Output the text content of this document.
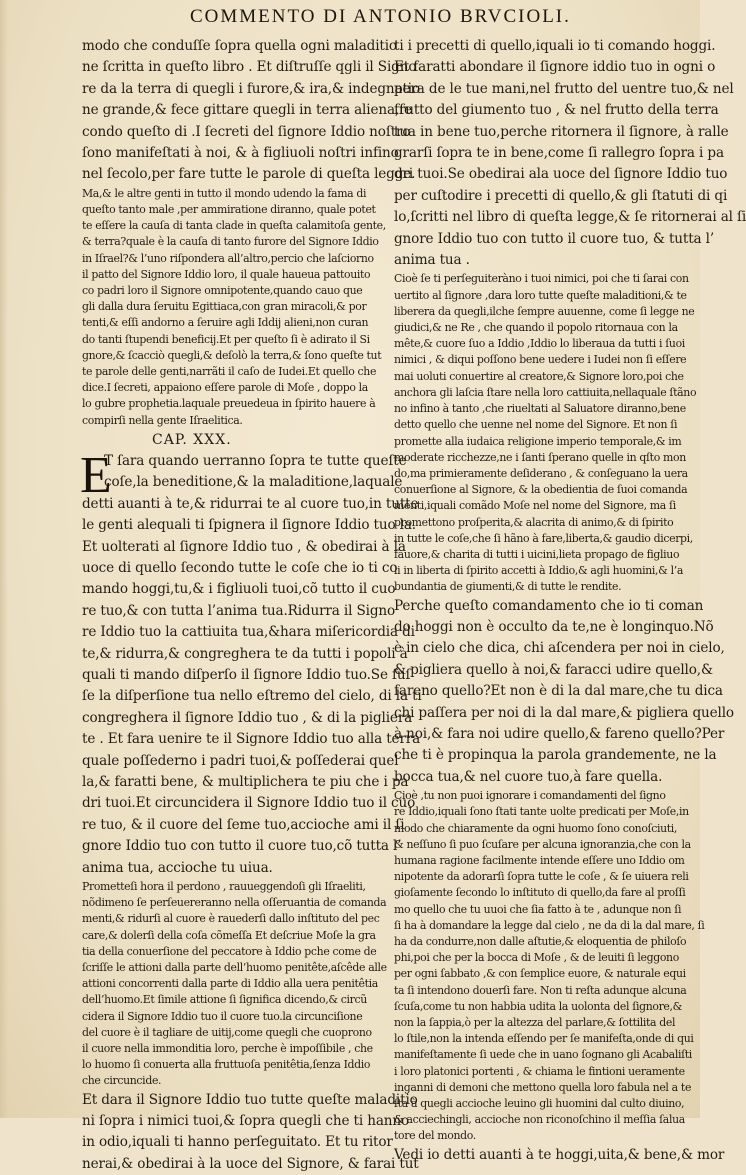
COMMENTO DI ANTONIO BRVCIOLI.
modo che conduſſe ſopra quella ogni maladitio
ne ſcritta in queſto libro . Et diſtruſſe qgli il Signo
re da la terra di quegli i furore,& ira,& indegnatio
ne grande,& fece gittare quegli in terra aliena,ſe
condo queſto di .I ſecreti del ſignore Iddio noſtro
ſono manifeſtati à noi, & à figliuoli noſtri infino
nel ſecolo,per fare tutte le parole di queſta legge.
Ma,& le altre genti in tutto il mondo udendo la fama di
queſto tanto male ,per ammiratione diranno, quale potet
te eſſere la cauſa di tanta clade in queſta calamitoſa gente,
& terra?quale è la cauſa di tanto furore del Signore Iddio
in Iſrael?& l’uno riſpondera all’altro,percio che laſciorno
il patto del Signore Iddio loro, il quale haueua pattouito
co padri loro il Signore omnipotente,quando cauo que
gli dalla dura ſeruitu Egittiaca,con gran miracoli,& por
tenti,& eſſi andorno a ſeruire agli Iddij alieni,non curan
do tanti ſtupendi beneficij.Et per queſto ſi è adirato il Si
gnore,& ſcacciò quegli,& deſolò la terra,& ſono queſte tut
te parole delle genti,narrãti il caſo de Iudei.Et quello che
dice.I ſecreti, appaiono eſſere parole di Moſe , doppo la
lo gubre prophetia.laquale preuedeua in ſpirito hauere à
compirſi nella gente Iſraelitica.
CAP. XXX.
E
T ſara quando uerranno ſopra te tutte queſte
coſe,la beneditione,& la maladitione,laquale
detti auanti à te,& ridurrai te al cuore tuo,in tutte
le genti alequali ti ſpignera il ſignore Iddio tuo la.
Et uolterati al ſignore Iddio tuo , & obedirai à la
uoce di quello ſecondo tutte le coſe che io ti co
mando hoggi,tu,& i figliuoli tuoi,cõ tutto il cuo
re tuo,& con tutta l’anima tua.Ridurra il Signo
re Iddio tuo la cattiuita tua,&hara miſericordia di
te,& ridurra,& congreghera te da tutti i popoli à
quali ti mando diſperſo il ſignore Iddio tuo.Se ſuſ
ſe la diſperſione tua nello eſtremo del cielo, di la ti
congreghera il ſignore Iddio tuo , & di la pigliera
te . Et fara uenire te il Signore Iddio tuo alla terra
quale poſſederno i padri tuoi,& poſſederai quel
la,& faratti bene, & multiplichera te piu che i pa
dri tuoi.Et circuncidera il Signore Iddio tuo il cuo
re tuo, & il cuore del ſeme tuo,accioche ami il ſi
gnore Iddio tuo con tutto il cuore tuo,cõ tutta l’
anima tua, accioche tu uiua.
Prometteſi hora il perdono , rauueggendoſi gli Iſraeliti,
nõdimeno ſe perſeuereranno nella oſſeruantia de comanda
menti,& ridurſi al cuore è rauederſi dallo inſtituto del pec
care,& dolerſi della coſa cõmeſſa Et deſcriue Moſe la gra
tia della conuerſione del peccatore à Iddio pche come de
ſcriſſe le attioni dalla parte dell’huomo penitête,aſcêde alle
attioni concorrenti dalla parte di Iddio alla uera penitêtia
dell’huomo.Et ſimile attione ſi ſignifica dicendo,& circũ
cidera il Signore Iddio tuo il cuore tuo.la circunciſione
del cuore è il tagliare de uitij,come quegli che cuoprono
il cuore nella immonditia loro, perche è impoſſibile , che
lo huomo ſi conuerta alla fruttuoſa penitêtia,ſenza Iddio
che circuncide.
Et dara il Signore Iddio tuo tutte queſte maladitio
ni ſopra i nimici tuoi,& ſopra quegli che ti hanno
in odio,iquali ti hanno perſeguitato. Et tu ritor
nerai,& obedirai à la uoce del Signore, & farai tut
ti i precetti di quello,iquali io ti comando hoggi.
Et faratti abondare il ſignore iddio tuo in ogni o
pera de le tue mani,nel frutto del uentre tuo,& nel
frutto del giumento tuo , & nel frutto della terra
tua in bene tuo,perche ritornera il ſignore, à ralle
grarſi ſopra te in bene,come ſi rallegro ſopra i pa
dri tuoi.Se obedirai ala uoce del ſignore Iddio tuo
per cuſtodire i precetti di quello,& gli ſtatuti di qi
lo,ſcritti nel libro di queſta legge,& ſe ritornerai al ſi
gnore Iddio tuo con tutto il cuore tuo, & tutta l’
anima tua .
Cioè ſe ti perſeguiteràno i tuoi nimici, poi che ti ſarai con
uertito al ſignore ,dara loro tutte queſte maladitioni,& te
liberera da quegli,ilche ſempre auuenne, come ſi legge ne
giudici,& ne Re , che quando il popolo ritornaua con la
mête,& cuore ſuo a Iddio ,Iddio lo liberaua da tutti i ſuoi
nimici , & diqui poſſono bene uedere i Iudei non ſi eſſere
mai uoluti conuertire al creatore,& Signore loro,poi che
anchora gli laſcia ſtare nella loro cattiuita,nellaquale ſtãno
no infino à tanto ,che riueltati al Saluatore diranno,bene
detto quello che uenne nel nome del Signore. Et non ſi
promette alla iudaica religione imperio temporale,& im
moderate ricchezze,ne i ſanti ſperano quelle in qſto mon
do,ma primieramente deſiderano , & conſeguano la uera
conuerſione al Signore, & la obedientia de ſuoi comanda
menti,iquali comãdo Moſe nel nome del Signore, ma ſi
promettono proſperita,& alacrita di animo,& di ſpirito
in tutte le coſe,che ſi hãno à fare,liberta,& gaudio dicerpi,
fauore,& charita di tutti i uicini,lieta propago de figliuo
li in liberta di ſpirito accetti à Iddio,& agli huomini,& l’a
bundantia de giumenti,& di tutte le rendite.
Perche queſto comandamento che io ti coman
do hoggi non è occulto da te,ne è longinquo.Nõ
è in cielo che dica, chi aſcendera per noi in cielo,
& pigliera quello à noi,& faracci udire quello,&
fareno quello?Et non è di la dal mare,che tu dica
chi paſſera per noi di la dal mare,& pigliera quello
à noi,& fara noi udire quello,& fareno quello?Per
che ti è propinqua la parola grandemente, ne la
bocca tua,& nel cuore tuo,à fare quella.
Cioè ,tu non puoi ignorare i comandamenti del ſigno
re Iddio,iquali ſono ſtati tante uolte predicati per Moſe,in
modo che chiaramente da ogni huomo ſono conoſciuti,
& neſſuno ſi puo ſcuſare per alcuna ignoranzia,che con la
humana ragione facilmente intende eſſere uno Iddio om
nipotente da adorarſi ſopra tutte le coſe , & ſe uiuera reli
gioſamente ſecondo lo inſtituto di quello,da fare al proſſi
mo quello che tu uuoi che ſia fatto à te , adunque non ſi
ſi ha à domandare la legge dal cielo , ne da di la dal mare, ſi
ha da condurre,non dalle aſtutie,& eloquentia de philoſo
phi,poi che per la bocca di Moſe , & de leuiti ſi leggono
per ogni ſabbato ,& con ſemplice euore, & naturale equi
ta ſi intendono douerſi fare. Non ti reſta adunque alcuna
ſcuſa,come tu non habbia udita la uolonta del ſignore,&
non la ſappia,ò per la altezza del parlare,& ſottilita del
lo ſtile,non la intenda eſſendo per ſe manifeſta,onde di qui
manifeſtamente ſi uede che in uano ſognano gli Acabaliſti
i loro platonici portenti , & chiama le fintioni ueramente
inganni di demoni che mettono quella loro fabula nel a te
ſta à quegli accioche leuino gli huomini dal culto diuino,
& acciechingli, accioche non riconoſchino il meſſia ſalua
tore del mondo.
Vedi io detti auanti à te hoggi,uita,& bene,& mor
